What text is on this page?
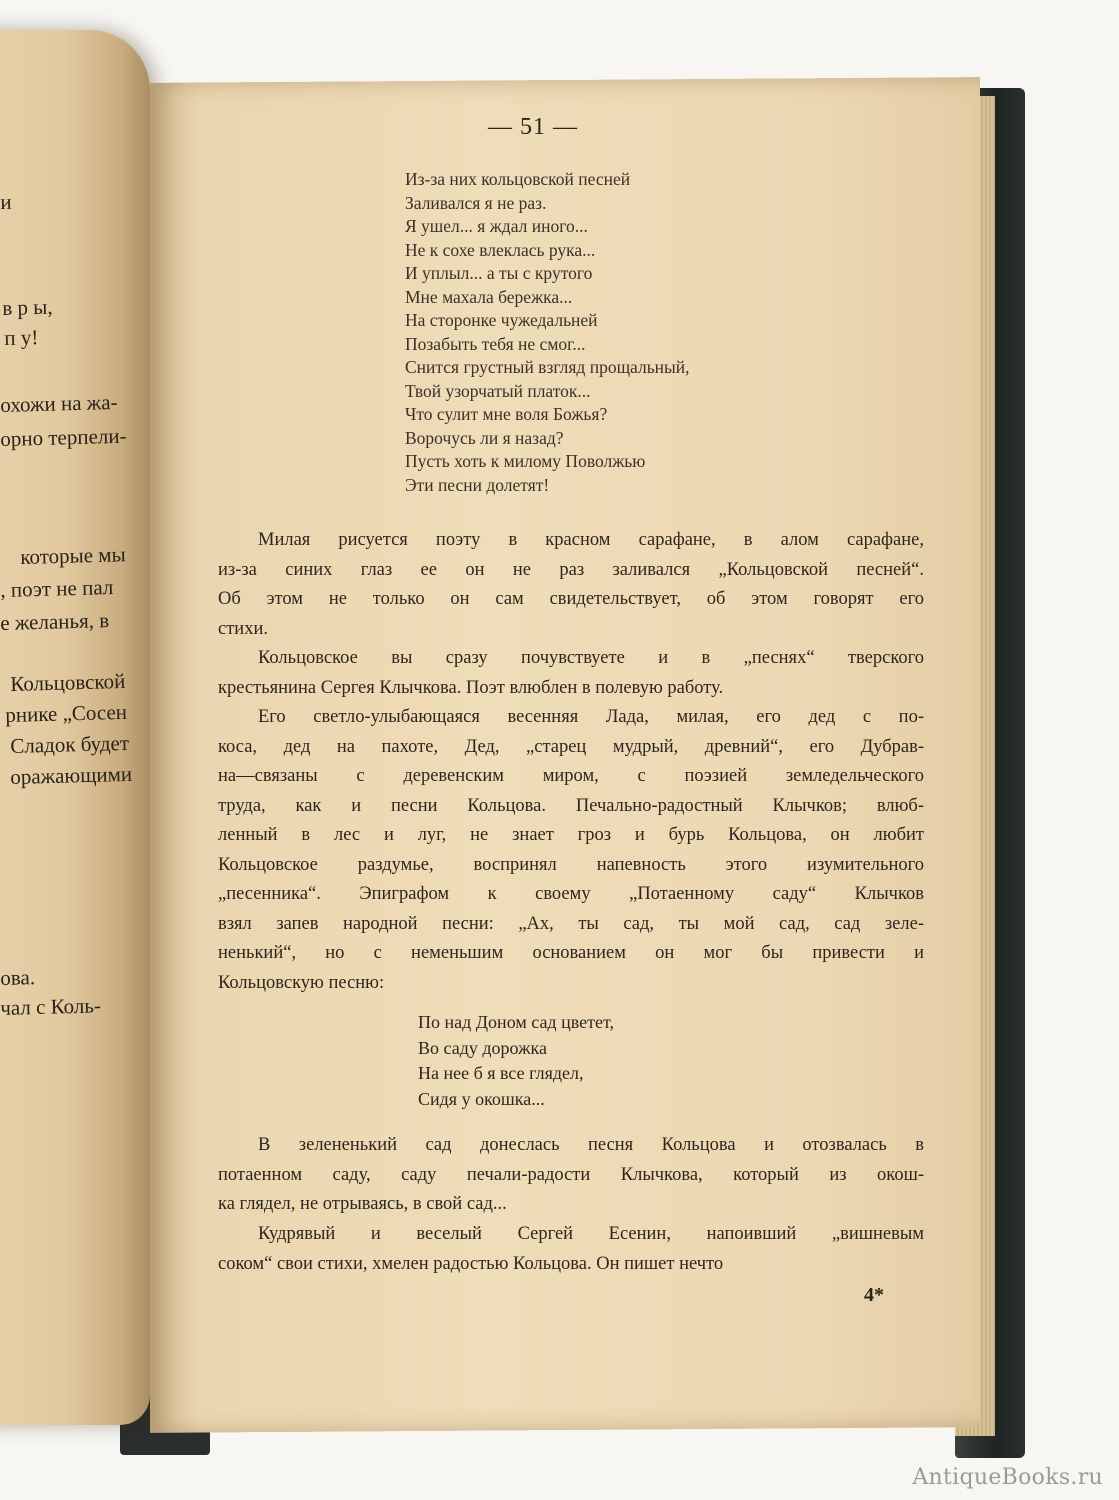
и
в р ы,
п у!
охожи на жа-
орно терпели-
которые мы
, поэт не пал
е желанья, в
Кольцовской
рнике „Сосен
Сладок будет
оражающими
ова.
чал с Коль-
— 51 —
Из-за них кольцовской песней
Заливался я не раз.
Я ушел... я ждал иного...
Не к сохе влеклась рука...
И уплыл... а ты с крутого
Мне махала бережка...
На сторонке чужедальней
Позабыть тебя не смог...
Снится грустный взгляд прощальный,
Твой узорчатый платок...
Что сулит мне воля Божья?
Ворочусь ли я назад?
Пусть хоть к милому Поволжью
Эти песни долетят!
Милая рисуется поэту в красном сарафане, в алом сарафане,
из-за синих глаз ее он не раз заливался „Кольцовской песней“.
Об этом не только он сам свидетельствует, об этом говорят его
стихи.
Кольцовское вы сразу почувствуете и в „песнях“ тверского
крестьянина Сергея Клычкова. Поэт влюблен в полевую работу.
Его светло-улыбающаяся весенняя Лада, милая, его дед с по-
коса, дед на пахоте, Дед, „старец мудрый, древний“, его Дубрав-
на—связаны с деревенским миром, с поэзией земледельческого
труда, как и песни Кольцова. Печально-радостный Клычков; влюб-
ленный в лес и луг, не знает гроз и бурь Кольцова, он любит
Кольцовское раздумье, воспринял напевность этого изумительного
„песенника“. Эпиграфом к своему „Потаенному саду“ Клычков
взял запев народной песни: „Ах, ты сад, ты мой сад, сад зеле-
ненький“, но с неменьшим основанием он мог бы привести и
Кольцовскую песню:
По над Доном сад цветет,
Во саду дорожка
На нее б я все глядел,
Сидя у окошка...
В зелененький сад донеслась песня Кольцова и отозвалась в
потаенном саду, саду печали-радости Клычкова, который из окош-
ка глядел, не отрываясь, в свой сад...
Кудрявый и веселый Сергей Есенин, напоивший „вишневым
соком“ свои стихи, хмелен радостью Кольцова. Он пишет нечто
4*
AntiqueBooks.ru
